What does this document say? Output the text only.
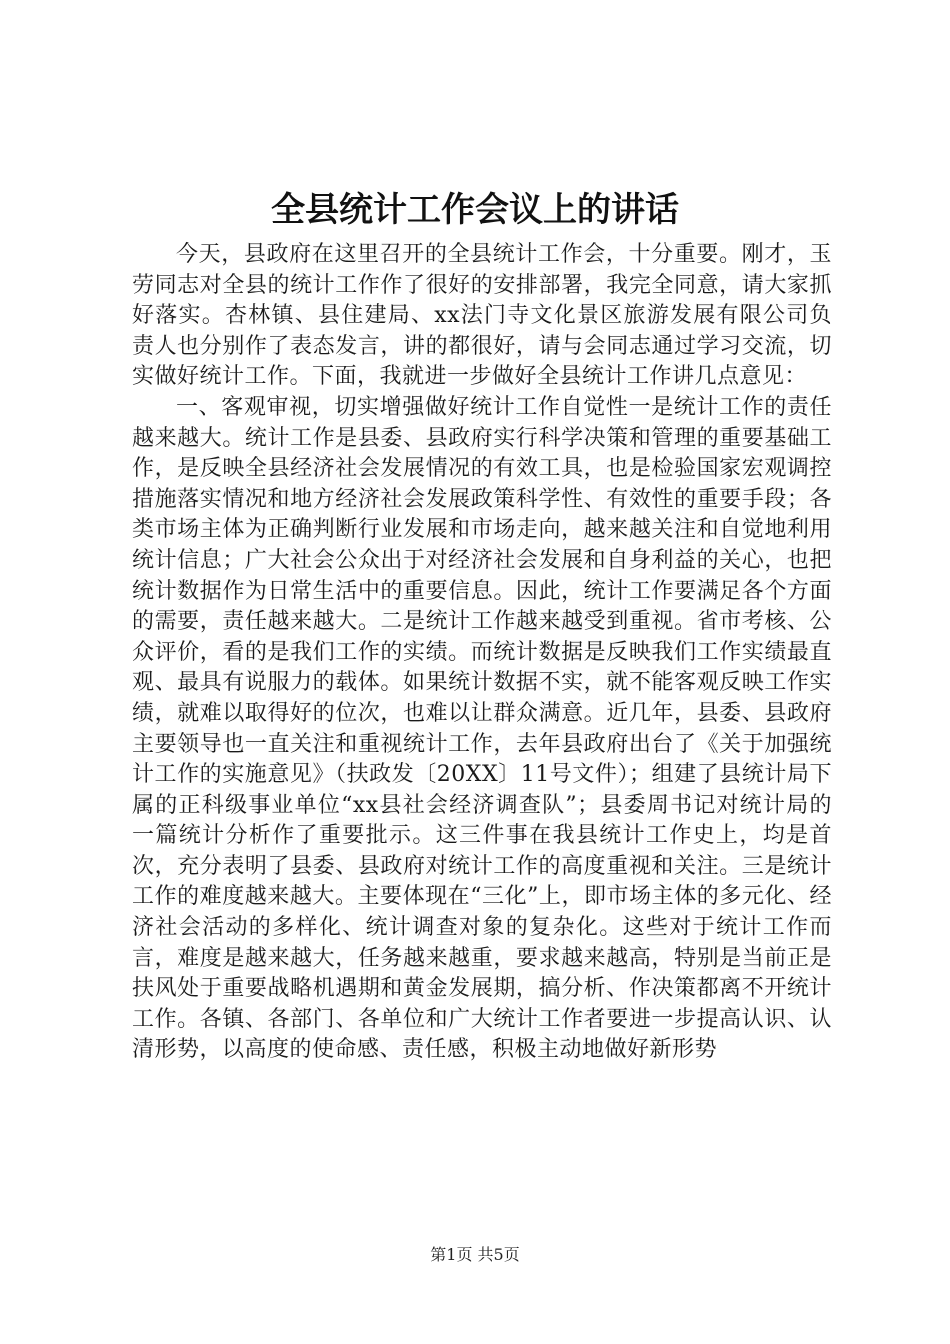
全县统计工作会议上的讲话

今天，县政府在这里召开的全县统计工作会，十分重要。刚才，玉劳同志对全县的统计工作作了很好的安排部署，我完全同意，请大家抓好落实。杏林镇、县住建局、xx法门寺文化景区旅游发展有限公司负责人也分别作了表态发言，讲的都很好，请与会同志通过学习交流，切实做好统计工作。下面，我就进一步做好全县统计工作讲几点意见：

一、客观审视，切实增强做好统计工作自觉性一是统计工作的责任越来越大。统计工作是县委、县政府实行科学决策和管理的重要基础工作，是反映全县经济社会发展情况的有效工具，也是检验国家宏观调控措施落实情况和地方经济社会发展政策科学性、有效性的重要手段；各类市场主体为正确判断行业发展和市场走向，越来越关注和自觉地利用统计信息；广大社会公众出于对经济社会发展和自身利益的关心，也把统计数据作为日常生活中的重要信息。因此，统计工作要满足各个方面的需要，责任越来越大。二是统计工作越来越受到重视。省市考核、公众评价，看的是我们工作的实绩。而统计数据是反映我们工作实绩最直观、最具有说服力的载体。如果统计数据不实，就不能客观反映工作实绩，就难以取得好的位次，也难以让群众满意。近几年，县委、县政府主要领导也一直关注和重视统计工作，去年县政府出台了《关于加强统计工作的实施意见》（扶政发〔20XX〕11号文件）；组建了县统计局下属的正科级事业单位“xx县社会经济调查队”；县委周书记对统计局的一篇统计分析作了重要批示。这三件事在我县统计工作史上，均是首次，充分表明了县委、县政府对统计工作的高度重视和关注。三是统计工作的难度越来越大。主要体现在“三化”上，即市场主体的多元化、经济社会活动的多样化、统计调查对象的复杂化。这些对于统计工作而言，难度是越来越大，任务越来越重，要求越来越高，特别是当前正是扶风处于重要战略机遇期和黄金发展期，搞分析、作决策都离不开统计工作。各镇、各部门、各单位和广大统计工作者要进一步提高认识、认清形势，以高度的使命感、责任感，积极主动地做好新形势

第1页 共5页
